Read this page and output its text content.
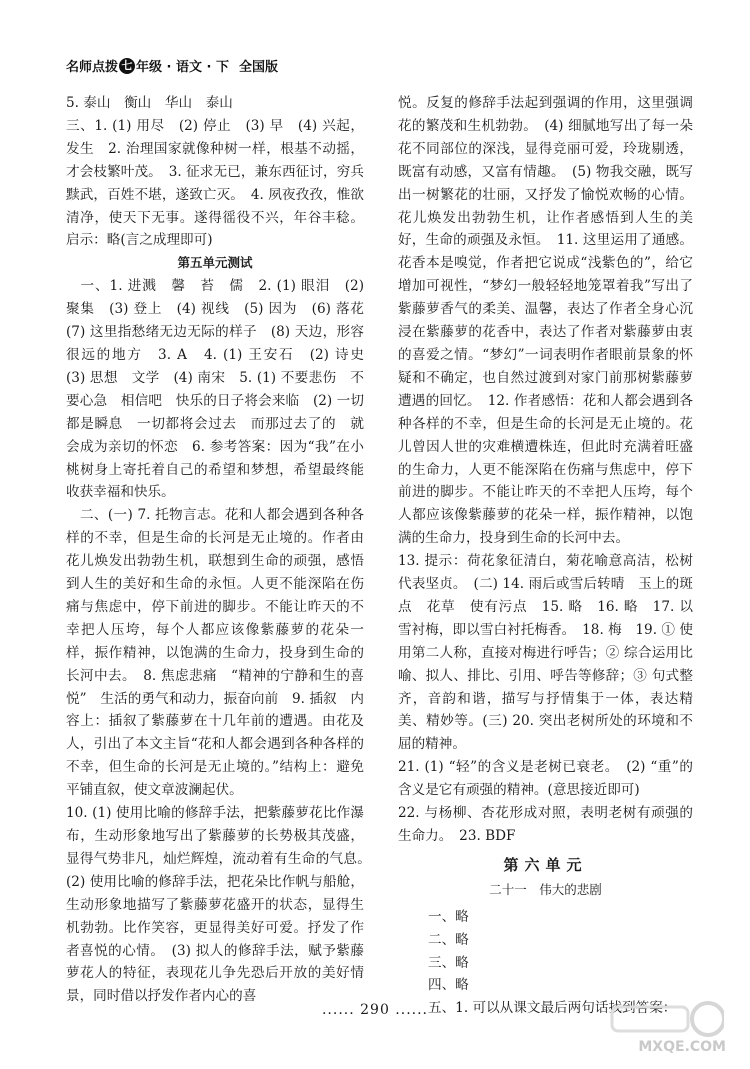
名师点拨 七 年级 · 语文 · 下 全国版

5. 泰山　衡山　华山　泰山

三、1. (1) 用尽　(2) 停止　(3) 早　(4) 兴起，发生　2. 治理国家就像种树一样，根基不动摇，才会枝繁叶茂。　3. 征求无已，兼东西征讨，穷兵黩武，百姓不堪，遂致亡灭。　4. 夙夜孜孜，惟欲清净，使天下无事。遂得徭役不兴，年谷丰稔。启示：略(言之成理即可)

第五单元测试

　一、1. 进溅　馨　苔　儒　2. (1) 眼泪　(2) 聚集　(3) 登上　(4) 视线　(5) 因为　(6) 落花　(7) 这里指愁绪无边无际的样子　(8) 天边，形容很远的地方　3. A　4. (1) 王安石　(2) 诗史　(3) 思想　文学　(4) 南宋　5. (1) 不要悲伤　不要心急　相信吧　快乐的日子将会来临　(2) 一切都是瞬息　一切都将会过去　而那过去了的　就会成为亲切的怀恋　6. 参考答案：因为“我”在小桃树身上寄托着自己的希望和梦想，希望最终能收获幸福和快乐。

　二、(一) 7. 托物言志。花和人都会遇到各种各样的不幸，但是生命的长河是无止境的。作者由花儿焕发出勃勃生机，联想到生命的顽强，感悟到人生的美好和生命的永恒。人更不能深陷在伤痛与焦虑中，停下前进的脚步。不能让昨天的不幸把人压垮，每个人都应该像紫藤萝的花朵一样，振作精神，以饱满的生命力，投身到生命的长河中去。　8. 焦虑悲痛　“精神的宁静和生的喜悦”　生活的勇气和动力，振奋向前　9. 插叙　内容上：插叙了紫藤萝在十几年前的遭遇。由花及人，引出了本文主旨“花和人都会遇到各种各样的不幸，但生命的长河是无止境的。”结构上：避免平铺直叙，使文章波澜起伏。

10. (1) 使用比喻的修辞手法，把紫藤萝花比作瀑布，生动形象地写出了紫藤萝的长势极其茂盛，显得气势非凡，灿烂辉煌，流动着有生命的气息。　(2) 使用比喻的修辞手法，把花朵比作帆与船舱，生动形象地描写了紫藤萝花盛开的状态，显得生机勃勃。比作笑容，更显得美好可爱。抒发了作者喜悦的心情。　(3) 拟人的修辞手法，赋予紫藤萝花人的特征，表现花儿争先恐后开放的美好情景，同时借以抒发作者内心的喜

悦。反复的修辞手法起到强调的作用，这里强调花的繁茂和生机勃勃。　(4) 细腻地写出了每一朵花不同部位的深浅，显得竞丽可爱，玲珑剔透，既富有动感，又富有情趣。　(5) 物我交融，既写出一树繁花的壮丽，又抒发了愉悦欢畅的心情。花儿焕发出勃勃生机，让作者感悟到人生的美好，生命的顽强及永恒。　11. 这里运用了通感。花香本是嗅觉，作者把它说成“浅紫色的”，给它增加可视性，“梦幻一般轻轻地笼罩着我”写出了紫藤萝香气的柔美、温馨，表达了作者全身心沉浸在紫藤萝的花香中，表达了作者对紫藤萝由衷的喜爱之情。“梦幻”一词表明作者眼前景象的怀疑和不确定，也自然过渡到对家门前那树紫藤萝遭遇的回忆。　12. 作者感悟：花和人都会遇到各种各样的不幸，但是生命的长河是无止境的。花儿曾因人世的灾难横遭株连，但此时充满着旺盛的生命力，人更不能深陷在伤痛与焦虑中，停下前进的脚步。不能让昨天的不幸把人压垮，每个人都应该像紫藤萝的花朵一样，振作精神，以饱满的生命力，投身到生命的长河中去。

13. 提示：荷花象征清白，菊花喻意高洁，松树代表坚贞。　(二) 14. 雨后或雪后转晴　玉上的斑点　花草　使有污点　15. 略　16. 略　17. 以雪衬梅，即以雪白衬托梅香。　18. 梅　19. ① 使用第二人称，直接对梅进行呼告；② 综合运用比喻、拟人、排比、引用、呼告等修辞；③ 句式整齐，音韵和谐，描写与抒情集于一体，表达精美、精妙等。(三) 20. 突出老树所处的环境和不屈的精神。

21. (1) “轻”的含义是老树已衰老。　(2) “重”的含义是它有顽强的精神。(意思接近即可)

22. 与杨柳、杏花形成对照，表明老树有顽强的生命力。　23. BDF

第六单元

二十一　伟大的悲剧

一、略

二、略

三、略

四、略

五、1. 可以从课文最后两句话找到答案：

...... 290 ......
MXQE.COM
